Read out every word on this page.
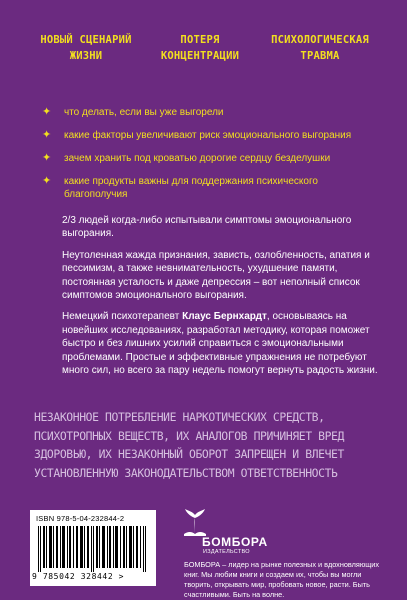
НОВЫЙ СЦЕНАРИЙ ЖИЗНИ
ПОТЕРЯ КОНЦЕНТРАЦИИ
ПСИХОЛОГИЧЕСКАЯ ТРАВМА
✦ что делать, если вы уже выгорели
✦ какие факторы увеличивают риск эмоционального выгорания
✦ зачем хранить под кроватью дорогие сердцу безделушки
✦ какие продукты важны для поддержания психического благополучия

2/3 людей когда-либо испытывали симптомы эмоционального выгорания.

Неутоленная жажда признания, зависть, озлобленность, апатия и пессимизм, а также невнимательность, ухудшение памяти, постоянная усталость и даже депрессия – вот неполный список симптомов эмоционального выгорания.

Немецкий психотерапевт Клаус Бернхардт, основываясь на новейших исследованиях, разработал методику, которая поможет быстро и без лишних усилий справиться с эмоциональными проблемами. Простые и эффективные упражнения не потребуют много сил, но всего за пару недель помогут вернуть радость жизни.

НЕЗАКОННОЕ ПОТРЕБЛЕНИЕ НАРКОТИЧЕСКИХ СРЕДСТВ, ПСИХОТРОПНЫХ ВЕЩЕСТВ, ИХ АНАЛОГОВ ПРИЧИНЯЕТ ВРЕД ЗДОРОВЬЮ, ИХ НЕЗАКОННЫЙ ОБОРОТ ЗАПРЕЩЕН И ВЛЕЧЕТ УСТАНОВЛЕННУЮ ЗАКОНОДАТЕЛЬСТВОМ ОТВЕТСТВЕННОСТЬ
ISBN 978-5-04-232844-2
9 785042 328442 >
БОМБОРА
ИЗДАТЕЛЬСТВО
БОМБОРА – лидер на рынке полезных и вдохновляющих книг. Мы любим книги и создаем их, чтобы вы могли творить, открывать мир, пробовать новое, расти. Быть счастливыми. Быть на волне.
